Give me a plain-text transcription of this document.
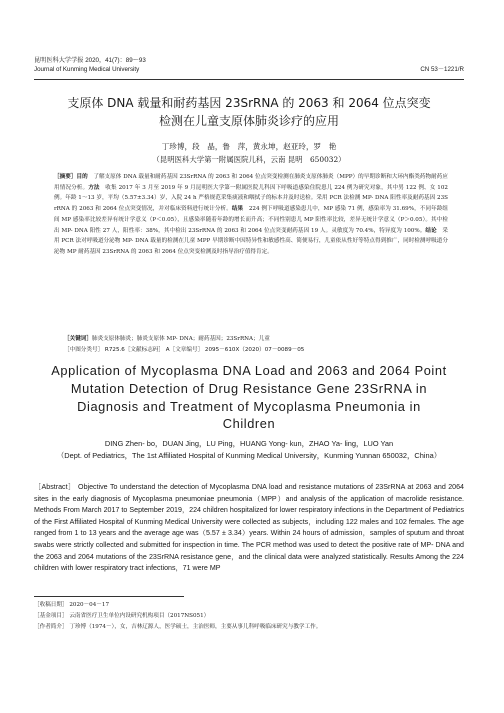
昆明医科大学学报 2020，41(7)：89～93
Journal of Kunming Medical University	CN 53－1221/R
支原体 DNA 载量和耐药基因 23SrRNA 的 2063 和 2064 位点突变
检测在儿童支原体肺炎诊疗的应用
丁珍博，段　晶，鲁　萍，黄永坤，赵亚玲，罗　艳
（昆明医科大学第一附属医院儿科，云南 昆明　650032）
［摘要］目的　 了解支原体 DNA 载量和耐药基因 23SrRNA 的 2063 和 2064 位点突变检测在肺炎支原体肺炎（MPP）的早期诊断和大环内酯类药物耐药应用情况分析。方法　 收集 2017 年 3 月至 2019 年 9 月昆明医大学第一附属医院儿科因下呼吸道感染住院患儿 224 例为研究对象，其中男 122 例、女 102 例。年龄 1～13 岁，平均（5.57±3.34）岁，入院 24 h 严格规范采集痰液和咽拭子的标本并及时送检。采用 PCR 法检测 MP- DNA 阳性率及耐药基因 23SrRNA 的 2063 和 2064 位点突变情况，并对临床资料进行统计分析。结果　 224 例下呼吸道感染患儿中，MP 感染 71 例，感染率为 31.69%，不同年龄组间 MP 感染率比较差异有统计学意义（P＜0.05），且感染率随着年龄的增长而升高；不同性别患儿 MP 阳性率比较，差异无统计学意义（P＞0.05）。其中检出 MP- DNA 阳性 27 人，阳性率：38%，其中检出 23SrRNA 的 2063 和 2064 位点突变耐药基因 19 人。灵敏度为 70.4%，特异度为 100%。结论　 采用 PCR 法对呼吸道分泌物 MP- DNA 载量的检测在儿童 MPP 早期诊断中因特异性和敏感性高、简便易行，儿童依从性好等特点得到推广，同时检测呼吸道分泌物 MP 耐药基因 23SrRNA 的 2063 和 2064 位点突变检测及时指导治疗值得肯定。
［关键词］肺炎支原体肺炎；肺炎支原体 MP- DNA；耐药基因；23SrRNA；儿童
［中图分类号］ R725.6［文献标志码］ A［文章编号］ 2095－610X（2020）07－0089－05
Application of Mycoplasma DNA Load and 2063 and 2064 Point
Mutation Detection of Drug Resistance Gene 23SrRNA in
Diagnosis and Treatment of Mycoplasma Pneumonia in
Children
DING Zhen- bo，DUAN Jing，LU Ping，HUANG Yong- kun，ZHAO Ya- ling，LUO Yan
（Dept. of Pediatrics，The 1st Affiliated Hospital of Kunming Medical University，Kunming Yunnan 650032，China）
［Abstract］ Objective To understand the detection of Mycoplasma DNA load and resistance mutations of 23SrRNA at 2063 and 2064 sites in the early diagnosis of Mycoplasma pneumoniae pneumonia（MPP）and analysis of the application of macrolide resistance. Methods From March 2017 to September 2019，224 children hospitalized for lower respiratory infections in the Department of Pediatrics of the First Affiliated Hospital of Kunming Medical University were collected as subjects，including 122 males and 102 females. The age ranged from 1 to 13 years and the average age was（5.57 ± 3.34）years. Within 24 hours of admission，samples of sputum and throat swabs were strictly collected and submitted for inspection in time. The PCR method was used to detect the positive rate of MP- DNA and the 2063 and 2064 mutations of the 23SrRNA resistance gene，and the clinical data were analyzed statistically. Results Among the 224 children with lower respiratory tract infections，71 were MP
［收稿日期］ 2020－04－17
［基金项目］ 云南省医疗卫生单位内设研究机构项目（2017NS051）
［作者简介］ 丁珍博（1974－），女，吉林辽源人，医学硕士，主治医师，主要从事儿科呼吸临床研究与教学工作。
